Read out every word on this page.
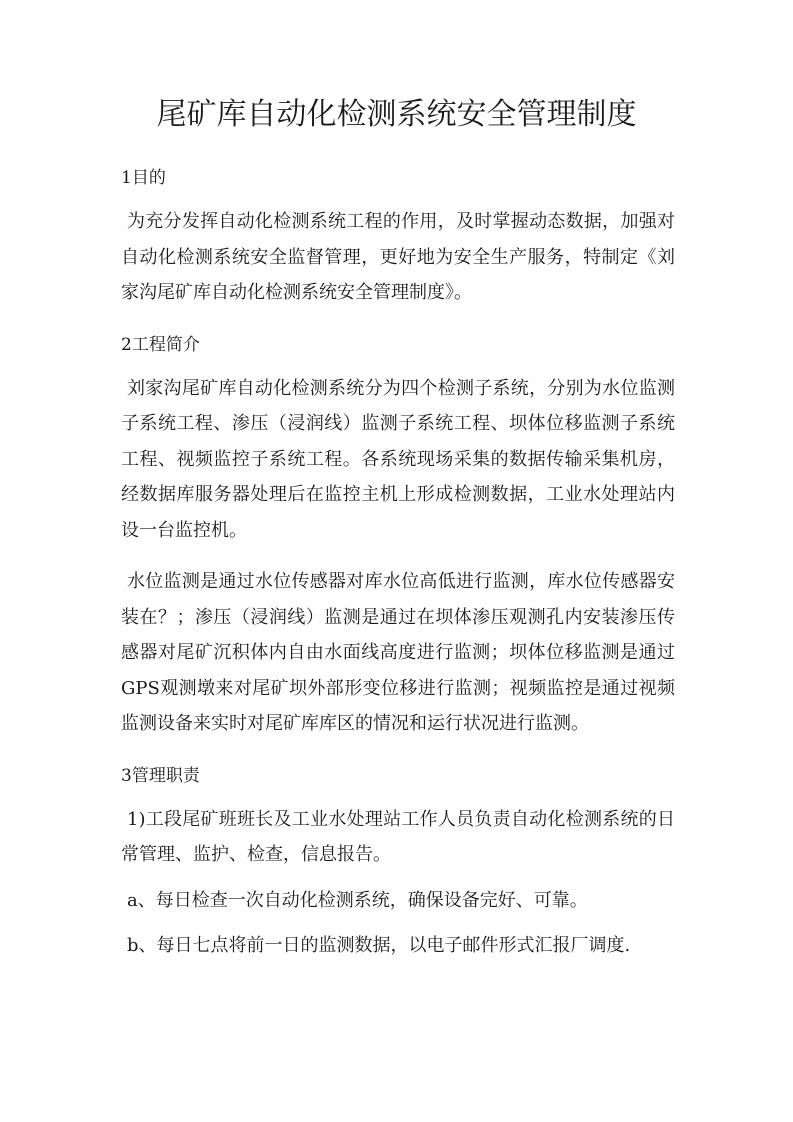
尾矿库自动化检测系统安全管理制度

1目的

为充分发挥自动化检测系统工程的作用，及时掌握动态数据，加强对自动化检测系统安全监督管理，更好地为安全生产服务，特制定《刘家沟尾矿库自动化检测系统安全管理制度》。

2工程简介

刘家沟尾矿库自动化检测系统分为四个检测子系统，分别为水位监测子系统工程、渗压（浸润线）监测子系统工程、坝体位移监测子系统工程、视频监控子系统工程。各系统现场采集的数据传输采集机房，经数据库服务器处理后在监控主机上形成检测数据，工业水处理站内设一台监控机。

水位监测是通过水位传感器对库水位高低进行监测，库水位传感器安装在？；渗压（浸润线）监测是通过在坝体渗压观测孔内安装渗压传感器对尾矿沉积体内自由水面线高度进行监测；坝体位移监测是通过GPS观测墩来对尾矿坝外部形变位移进行监测；视频监控是通过视频监测设备来实时对尾矿库库区的情况和运行状况进行监测。

3管理职责

1)工段尾矿班班长及工业水处理站工作人员负责自动化检测系统的日常管理、监护、检查，信息报告。

a、每日检查一次自动化检测系统，确保设备完好、可靠。

b、每日七点将前一日的监测数据，以电子邮件形式汇报厂调度.
